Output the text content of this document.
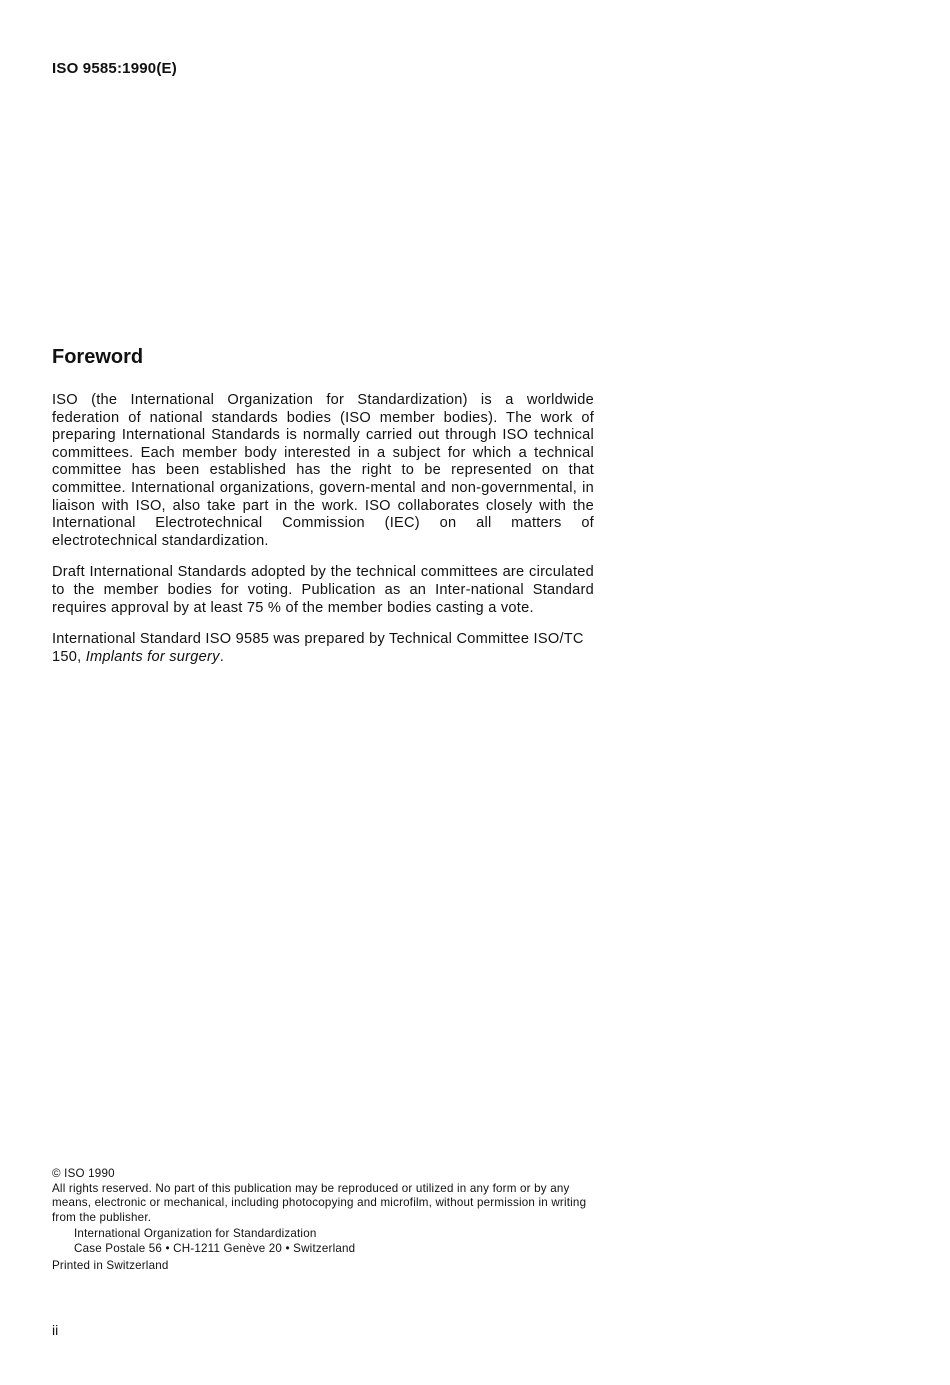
ISO 9585:1990(E)
Foreword

ISO (the International Organization for Standardization) is a worldwide federation of national standards bodies (ISO member bodies). The work of preparing International Standards is normally carried out through ISO technical committees. Each member body interested in a subject for which a technical committee has been established has the right to be represented on that committee. International organizations, govern-mental and non-governmental, in liaison with ISO, also take part in the work. ISO collaborates closely with the International Electrotechnical Commission (IEC) on all matters of electrotechnical standardization.

Draft International Standards adopted by the technical committees are circulated to the member bodies for voting. Publication as an Inter-national Standard requires approval by at least 75 % of the member bodies casting a vote.

International Standard ISO 9585 was prepared by Technical Committee ISO/TC 150, Implants for surgery.

© ISO 1990
All rights reserved. No part of this publication may be reproduced or utilized in any form or by any means, electronic or mechanical, including photocopying and microfilm, without permission in writing from the publisher.
International Organization for Standardization
Case Postale 56 • CH-1211 Genève 20 • Switzerland
Printed in Switzerland
ii
